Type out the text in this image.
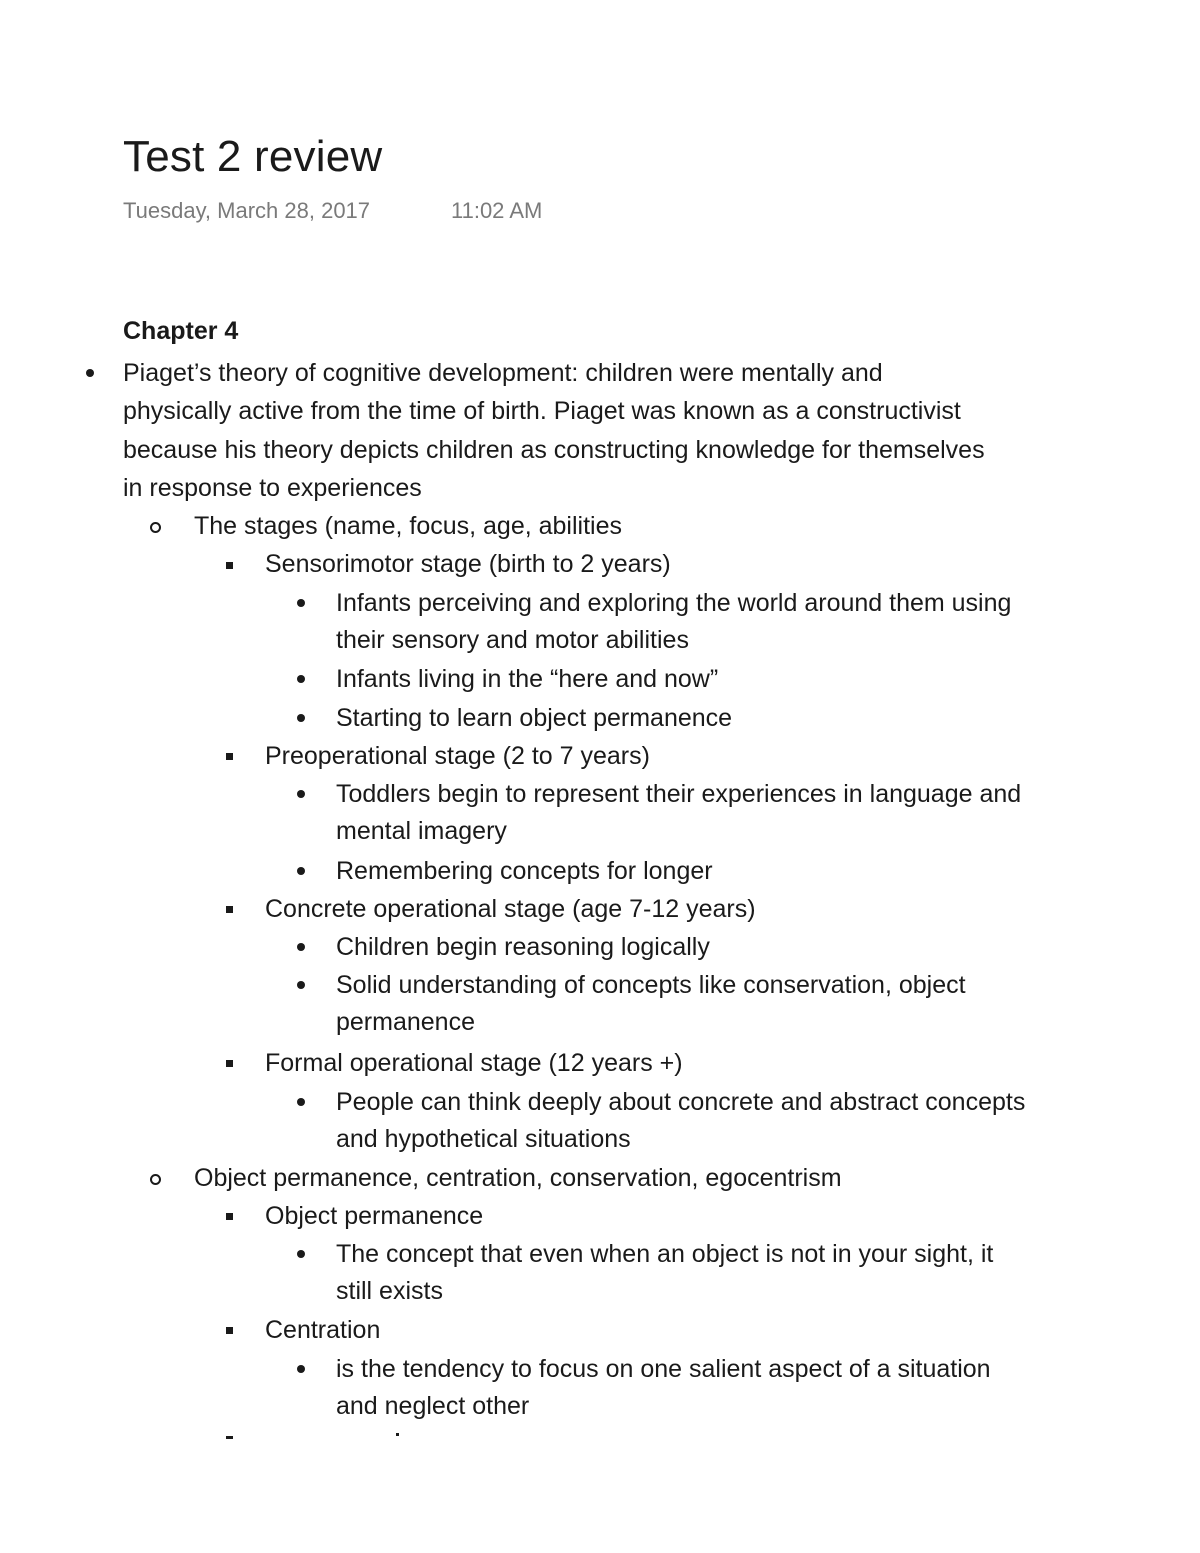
Test 2 review
Tuesday, March 28, 2017	11:02 AM
Chapter 4
Piaget’s theory of cognitive development: children were mentally and
physically active from the time of birth. Piaget was known as a constructivist
because his theory depicts children as constructing knowledge for themselves
in response to experiences
The stages (name, focus, age, abilities
Sensorimotor stage (birth to 2 years)
Infants perceiving and exploring the world around them using
their sensory and motor abilities
Infants living in the “here and now”
Starting to learn object permanence
Preoperational stage (2 to 7 years)
Toddlers begin to represent their experiences in language and
mental imagery
Remembering concepts for longer
Concrete operational stage (age 7-12 years)
Children begin reasoning logically
Solid understanding of concepts like conservation, object
permanence
Formal operational stage (12 years +)
People can think deeply about concrete and abstract concepts
and hypothetical situations
Object permanence, centration, conservation, egocentrism
Object permanence
The concept that even when an object is not in your sight, it
still exists
Centration
is the tendency to focus on one salient aspect of a situation
and neglect other
